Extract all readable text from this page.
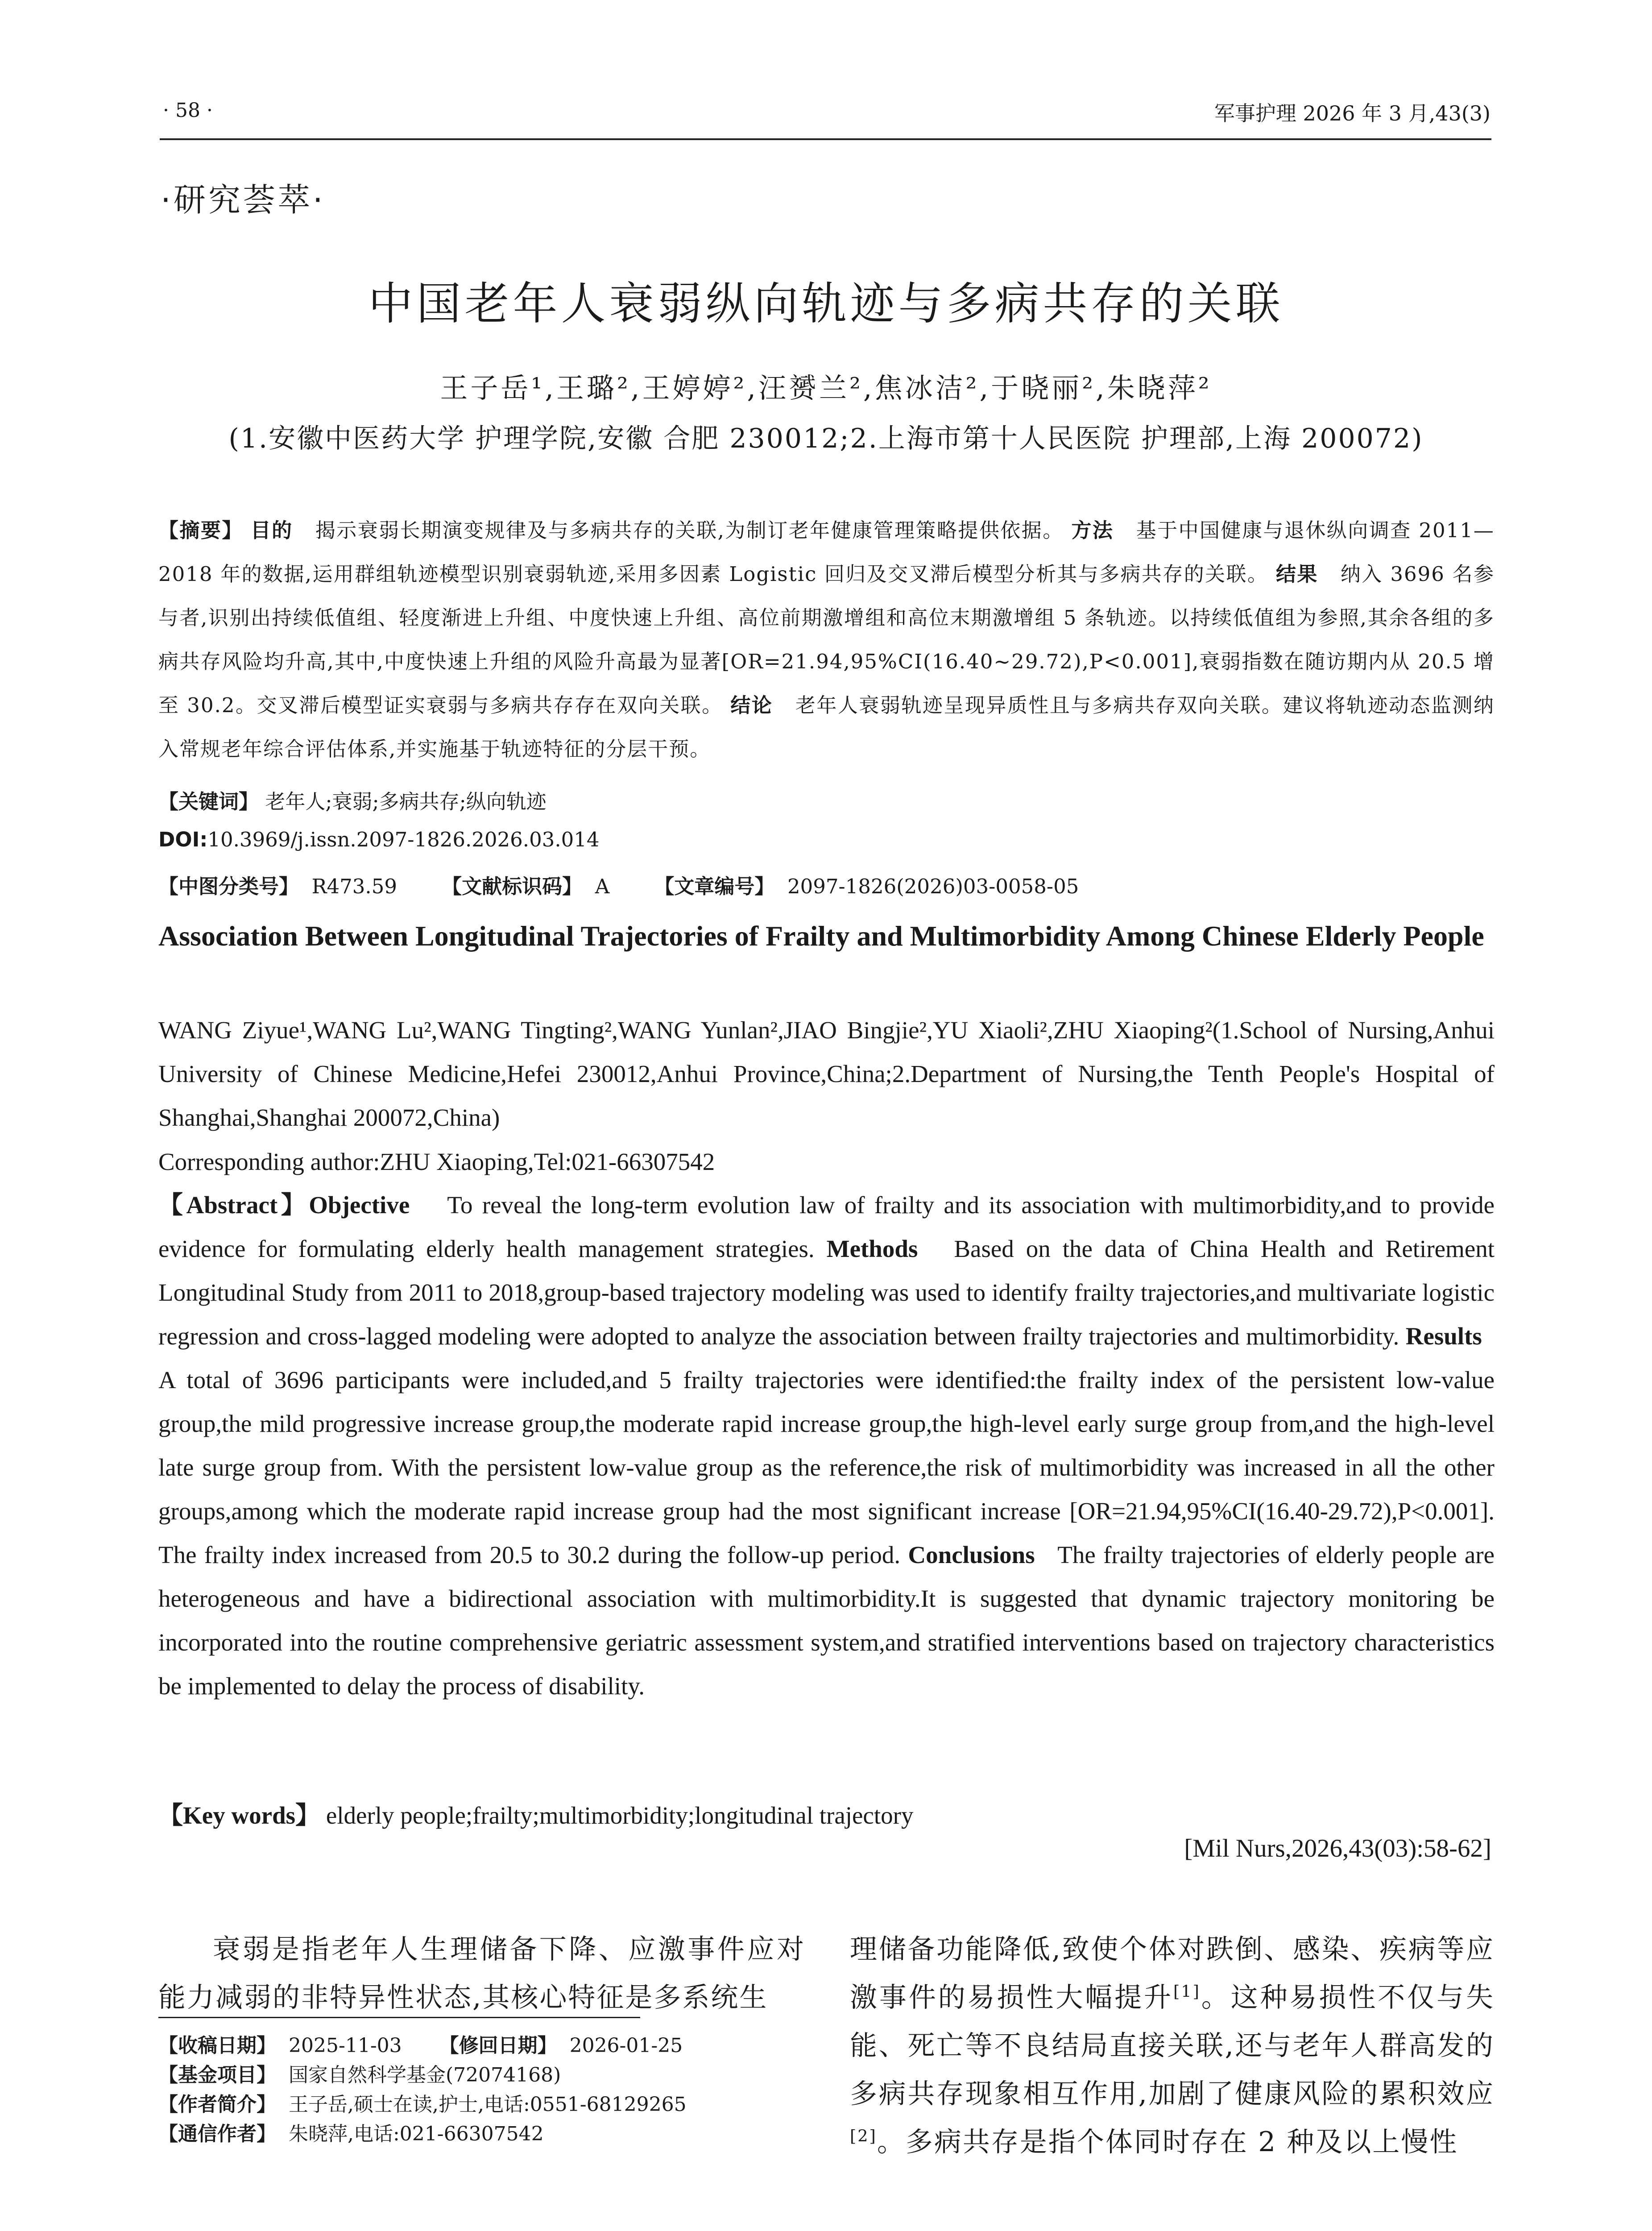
· 58 ·	军事护理 2026 年 3 月,43(3)
·研究荟萃·
中国老年人衰弱纵向轨迹与多病共存的关联
王子岳¹,王璐²,王婷婷²,汪赟兰²,焦冰洁²,于晓丽²,朱晓萍²
(1.安徽中医药大学 护理学院,安徽 合肥 230012;2.上海市第十人民医院 护理部,上海 200072)
【摘要】 目的 揭示衰弱长期演变规律及与多病共存的关联,为制订老年健康管理策略提供依据。 方法 基于中国健康与退休纵向调查 2011—2018 年的数据,运用群组轨迹模型识别衰弱轨迹,采用多因素 Logistic 回归及交叉滞后模型分析其与多病共存的关联。 结果 纳入 3696 名参与者,识别出持续低值组、轻度渐进上升组、中度快速上升组、高位前期激增组和高位末期激增组 5 条轨迹。以持续低值组为参照,其余各组的多病共存风险均升高,其中,中度快速上升组的风险升高最为显著[OR=21.94,95%CI(16.40~29.72),P<0.001],衰弱指数在随访期内从 20.5 增至 30.2。交叉滞后模型证实衰弱与多病共存存在双向关联。 结论 老年人衰弱轨迹呈现异质性且与多病共存双向关联。建议将轨迹动态监测纳入常规老年综合评估体系,并实施基于轨迹特征的分层干预。
【关键词】 老年人;衰弱;多病共存;纵向轨迹
DOI:10.3969/j.issn.2097-1826.2026.03.014
【中图分类号】 R473.59 【文献标识码】 A 【文章编号】 2097-1826(2026)03-0058-05
Association Between Longitudinal Trajectories of Frailty and Multimorbidity Among Chinese Elderly People
WANG Ziyue¹,WANG Lu²,WANG Tingting²,WANG Yunlan²,JIAO Bingjie²,YU Xiaoli²,ZHU Xiaoping²(1.School of Nursing,Anhui University of Chinese Medicine,Hefei 230012,Anhui Province,China;2.Department of Nursing,the Tenth People's Hospital of Shanghai,Shanghai 200072,China)
Corresponding author:ZHU Xiaoping,Tel:021-66307542
【Abstract】Objective To reveal the long-term evolution law of frailty and its association with multimorbidity,and to provide evidence for formulating elderly health management strategies. Methods Based on the data of China Health and Retirement Longitudinal Study from 2011 to 2018,group-based trajectory modeling was used to identify frailty trajectories,and multivariate logistic regression and cross-lagged modeling were adopted to analyze the association between frailty trajectories and multimorbidity. Results   A total of 3696 participants were included,and 5 frailty trajectories were identified:the frailty index of the persistent low-value group,the mild progressive increase group,the moderate rapid increase group,the high-level early surge group from,and the high-level late surge group from. With the persistent low-value group as the reference,the risk of multimorbidity was increased in all the other groups,among which the moderate rapid increase group had the most significant increase [OR=21.94,95%CI(16.40-29.72),P<0.001]. The frailty index increased from 20.5 to 30.2 during the follow-up period. Conclusions The frailty trajectories of elderly people are heterogeneous and have a bidirectional association with multimorbidity.It is suggested that dynamic trajectory monitoring be incorporated into the routine comprehensive geriatric assessment system,and stratified interventions based on trajectory characteristics be implemented to delay the process of disability.
【Key words】 elderly people;frailty;multimorbidity;longitudinal trajectory
[Mil Nurs,2026,43(03):58-62]
衰弱是指老年人生理储备下降、应激事件应对能力减弱的非特异性状态,其核心特征是多系统生
理储备功能降低,致使个体对跌倒、感染、疾病等应激事件的易损性大幅提升[1]。这种易损性不仅与失能、死亡等不良结局直接关联,还与老年人群高发的多病共存现象相互作用,加剧了健康风险的累积效应[2]。多病共存是指个体同时存在 2 种及以上慢性
【收稿日期】 2025-11-03 【修回日期】 2026-01-25
【基金项目】 国家自然科学基金(72074168)
【作者简介】 王子岳,硕士在读,护士,电话:0551-68129265
【通信作者】 朱晓萍,电话:021-66307542
